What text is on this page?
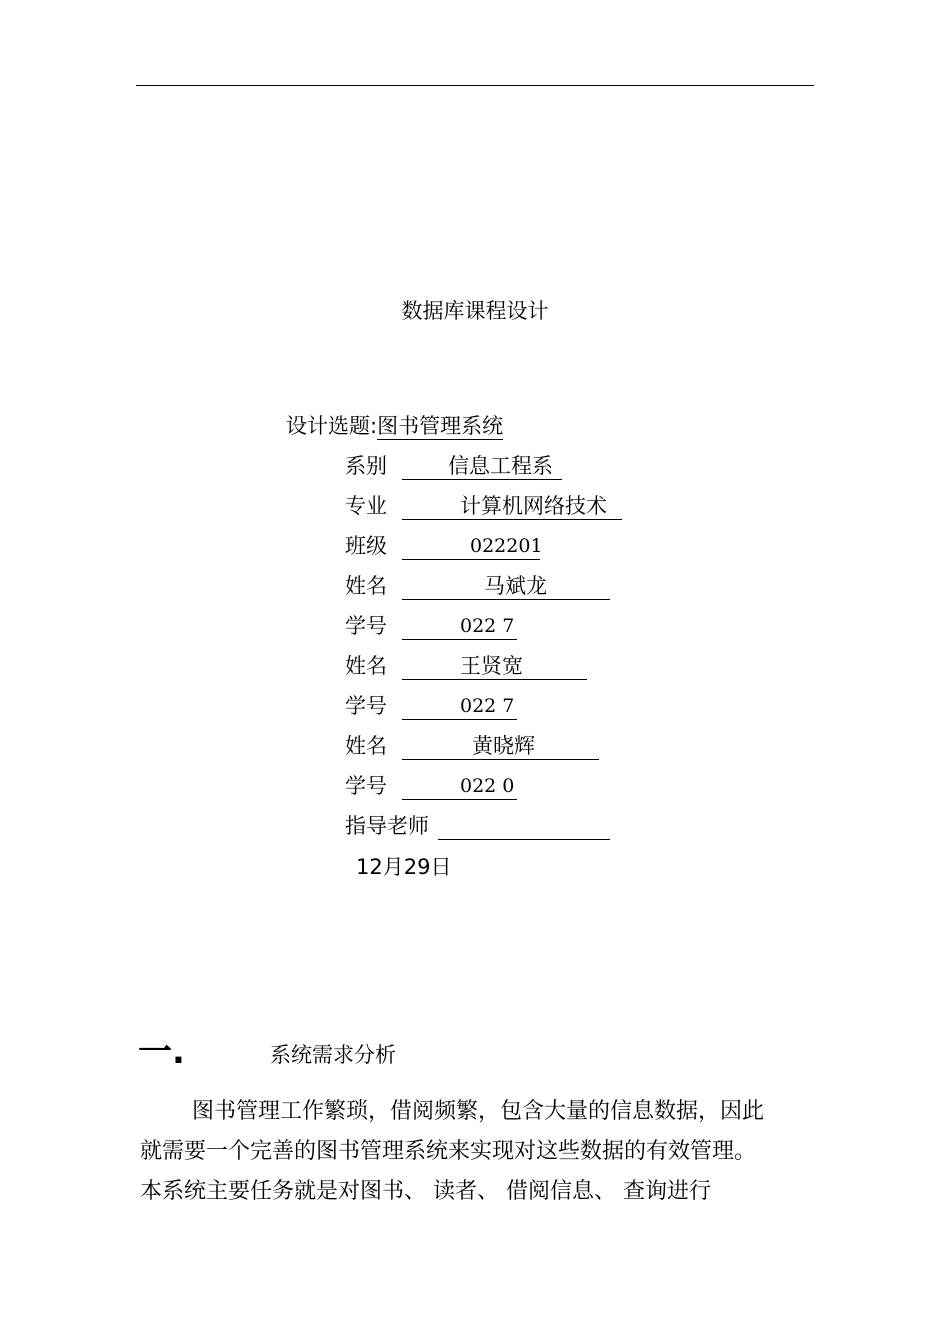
数据库课程设计
设计选题:图书管理系统
系别	信息工程系
专业	计算机网络技术
班级	022201
姓名	马斌龙
学号	022 7
姓名	王贤宽
学号	022 7
姓名	黄晓辉
学号	022 0
指导老师
12月29日
一.	系统需求分析
图书管理工作繁琐，借阅频繁，包含大量的信息数据，因此
就需要一个完善的图书管理系统来实现对这些数据的有效管理。
本系统主要任务就是对图书、 读者、 借阅信息、 查询进行
